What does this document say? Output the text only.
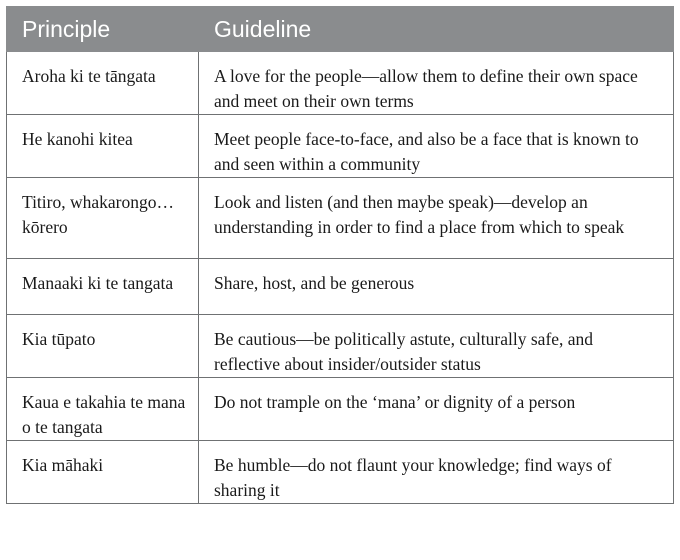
Principle	Guideline
Aroha ki te tāngata	A love for the people—allow them to define their own space and meet on their own terms
He kanohi kitea	Meet people face-to-face, and also be a face that is known to and seen within a community
Titiro, whakarongo… kōrero	Look and listen (and then maybe speak)—develop an understanding in order to find a place from which to speak
Manaaki ki te tangata	Share, host, and be generous
Kia tūpato	Be cautious—be politically astute, culturally safe, and reflective about insider/outsider status
Kaua e takahia te mana o te tangata	Do not trample on the ‘mana’ or dignity of a person
Kia māhaki	Be humble—do not flaunt your knowledge; find ways of sharing it
